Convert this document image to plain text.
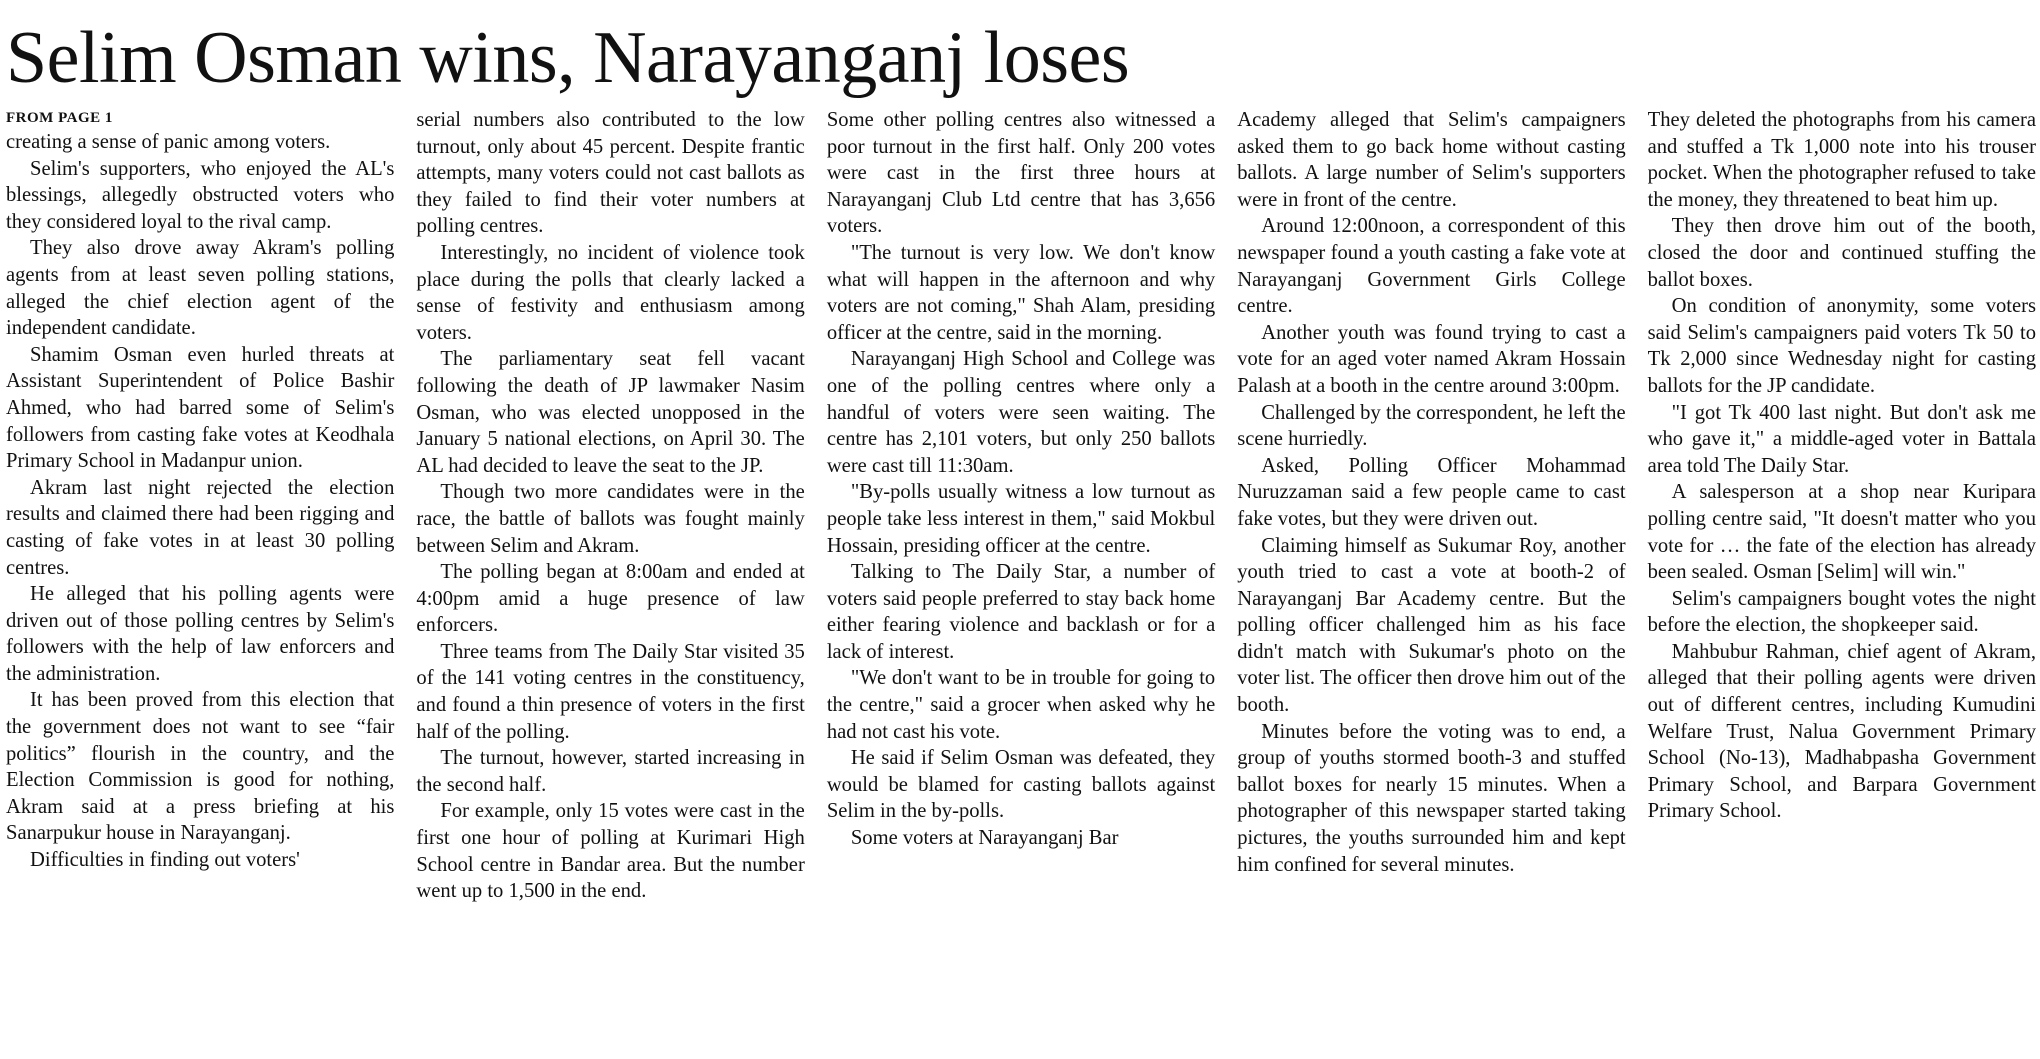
Selim Osman wins, Narayanganj loses
FROM PAGE 1

creating a sense of panic among voters.

Selim's supporters, who enjoyed the AL's blessings, allegedly obstructed voters who they considered loyal to the rival camp.

They also drove away Akram's polling agents from at least seven polling stations, alleged the chief election agent of the independent candidate.

Shamim Osman even hurled threats at Assistant Superintendent of Police Bashir Ahmed, who had barred some of Selim's followers from casting fake votes at Keodhala Primary School in Madanpur union.

Akram last night rejected the election results and claimed there had been rigging and casting of fake votes in at least 30 polling centres.

He alleged that his polling agents were driven out of those polling centres by Selim's followers with the help of law enforcers and the administration.

It has been proved from this election that the government does not want to see “fair politics” flourish in the country, and the Election Commission is good for nothing, Akram said at a press briefing at his Sanarpukur house in Narayanganj.

Difficulties in finding out voters'

serial numbers also contributed to the low turnout, only about 45 percent. Despite frantic attempts, many voters could not cast ballots as they failed to find their voter numbers at polling centres.

Interestingly, no incident of violence took place during the polls that clearly lacked a sense of festivity and enthusiasm among voters.

The parliamentary seat fell vacant following the death of JP lawmaker Nasim Osman, who was elected unopposed in the January 5 national elections, on April 30. The AL had decided to leave the seat to the JP.

Though two more candidates were in the race, the battle of ballots was fought mainly between Selim and Akram.

The polling began at 8:00am and ended at 4:00pm amid a huge presence of law enforcers.

Three teams from The Daily Star visited 35 of the 141 voting centres in the constituency, and found a thin presence of voters in the first half of the polling.

The turnout, however, started increasing in the second half.

For example, only 15 votes were cast in the first one hour of polling at Kurimari High School centre in Bandar area. But the number went up to 1,500 in the end.

Some other polling centres also witnessed a poor turnout in the first half. Only 200 votes were cast in the first three hours at Narayanganj Club Ltd centre that has 3,656 voters.

"The turnout is very low. We don't know what will happen in the afternoon and why voters are not coming," Shah Alam, presiding officer at the centre, said in the morning.

Narayanganj High School and College was one of the polling centres where only a handful of voters were seen waiting. The centre has 2,101 voters, but only 250 ballots were cast till 11:30am.

"By-polls usually witness a low turnout as people take less interest in them," said Mokbul Hossain, presiding officer at the centre.

Talking to The Daily Star, a number of voters said people preferred to stay back home either fearing violence and backlash or for a lack of interest.

"We don't want to be in trouble for going to the centre," said a grocer when asked why he had not cast his vote.

He said if Selim Osman was defeated, they would be blamed for casting ballots against Selim in the by-polls.

Some voters at Narayanganj Bar

Academy alleged that Selim's campaigners asked them to go back home without casting ballots. A large number of Selim's supporters were in front of the centre.

Around 12:00noon, a correspondent of this newspaper found a youth casting a fake vote at Narayanganj Government Girls College centre.

Another youth was found trying to cast a vote for an aged voter named Akram Hossain Palash at a booth in the centre around 3:00pm.

Challenged by the correspondent, he left the scene hurriedly.

Asked, Polling Officer Mohammad Nuruzzaman said a few people came to cast fake votes, but they were driven out.

Claiming himself as Sukumar Roy, another youth tried to cast a vote at booth-2 of Narayanganj Bar Academy centre. But the polling officer challenged him as his face didn't match with Sukumar's photo on the voter list. The officer then drove him out of the booth.

Minutes before the voting was to end, a group of youths stormed booth-3 and stuffed ballot boxes for nearly 15 minutes. When a photographer of this newspaper started taking pictures, the youths surrounded him and kept him confined for several minutes.

They deleted the photographs from his camera and stuffed a Tk 1,000 note into his trouser pocket. When the photographer refused to take the money, they threatened to beat him up.

They then drove him out of the booth, closed the door and continued stuffing the ballot boxes.

On condition of anonymity, some voters said Selim's campaigners paid voters Tk 50 to Tk 2,000 since Wednesday night for casting ballots for the JP candidate.

"I got Tk 400 last night. But don't ask me who gave it," a middle-aged voter in Battala area told The Daily Star.

A salesperson at a shop near Kuripara polling centre said, "It doesn't matter who you vote for … the fate of the election has already been sealed. Osman [Selim] will win."

Selim's campaigners bought votes the night before the election, the shopkeeper said.

Mahbubur Rahman, chief agent of Akram, alleged that their polling agents were driven out of different centres, including Kumudini Welfare Trust, Nalua Government Primary School (No-13), Madhabpasha Government Primary School, and Barpara Government Primary School.
